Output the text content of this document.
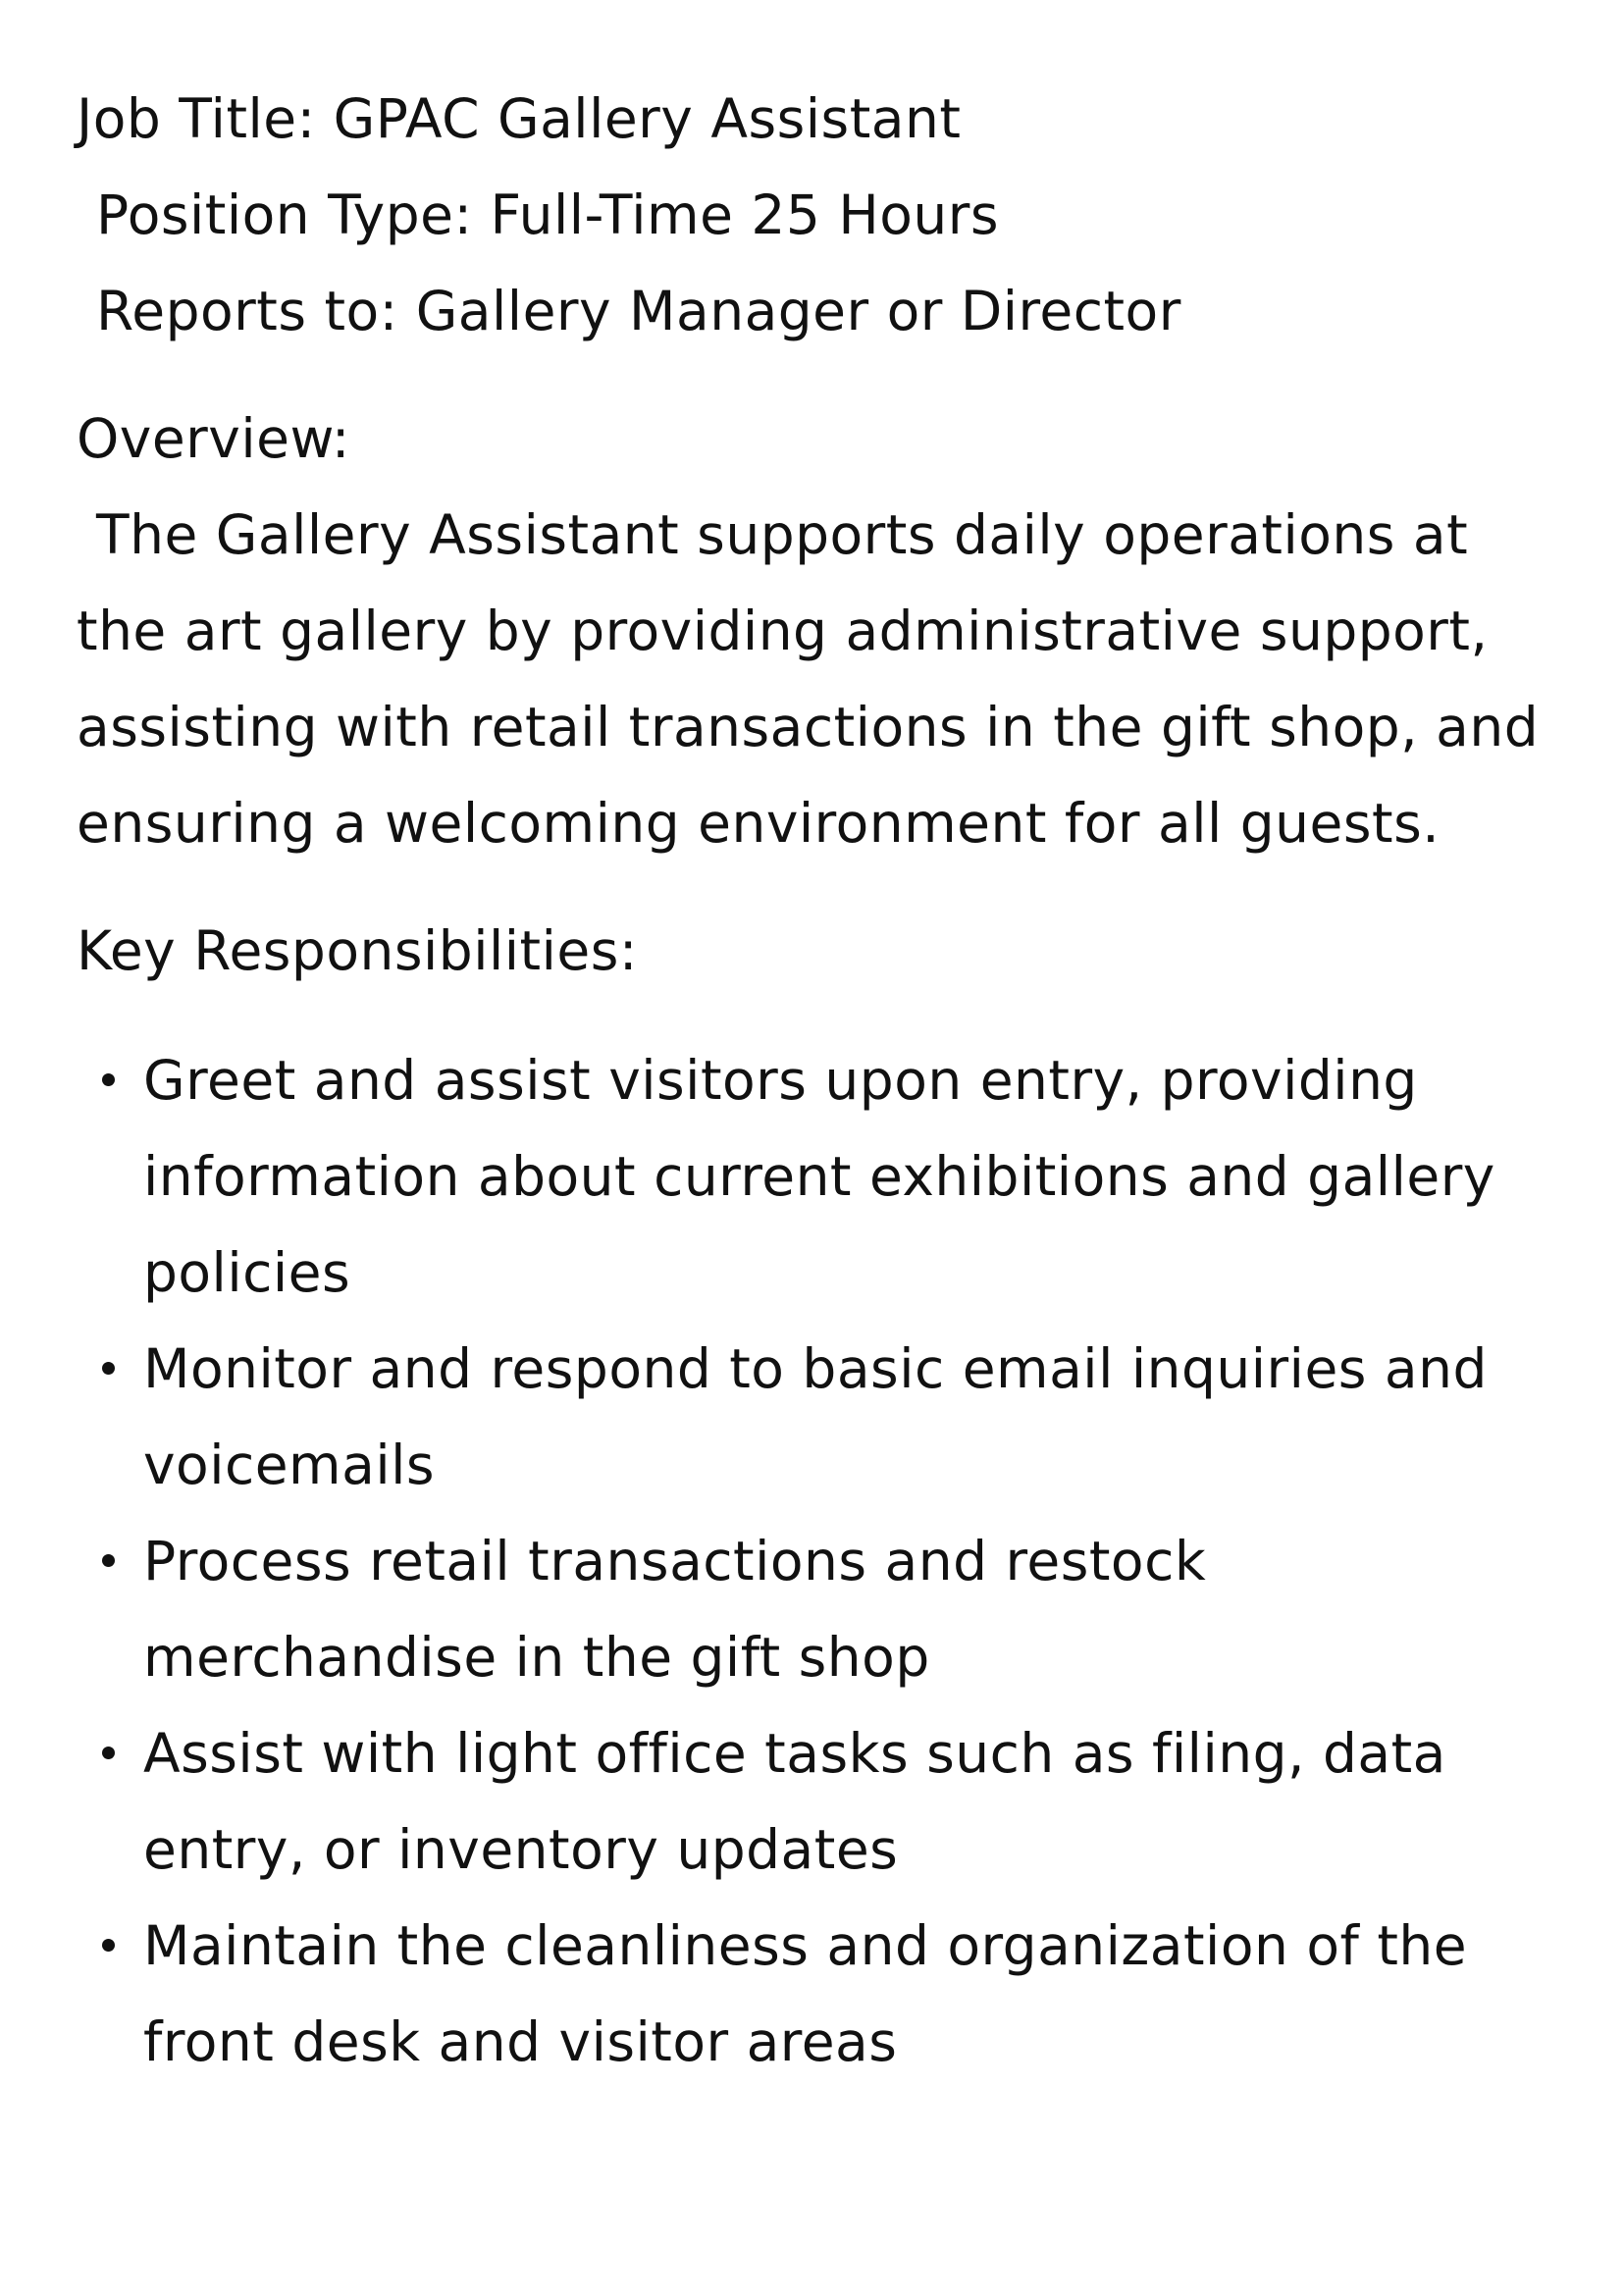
Job Title: GPAC Gallery Assistant
Position Type: Full-Time 25 Hours
Reports to: Gallery Manager or Director
Overview:
The Gallery Assistant supports daily operations at the art gallery by providing administrative support, assisting with retail transactions in the gift shop, and ensuring a welcoming environment for all guests.
Key Responsibilities:
Greet and assist visitors upon entry, providing information about current exhibitions and gallery policies
Monitor and respond to basic email inquiries and voicemails
Process retail transactions and restock merchandise in the gift shop
Assist with light office tasks such as filing, data entry, or inventory updates
Maintain the cleanliness and organization of the front desk and visitor areas
